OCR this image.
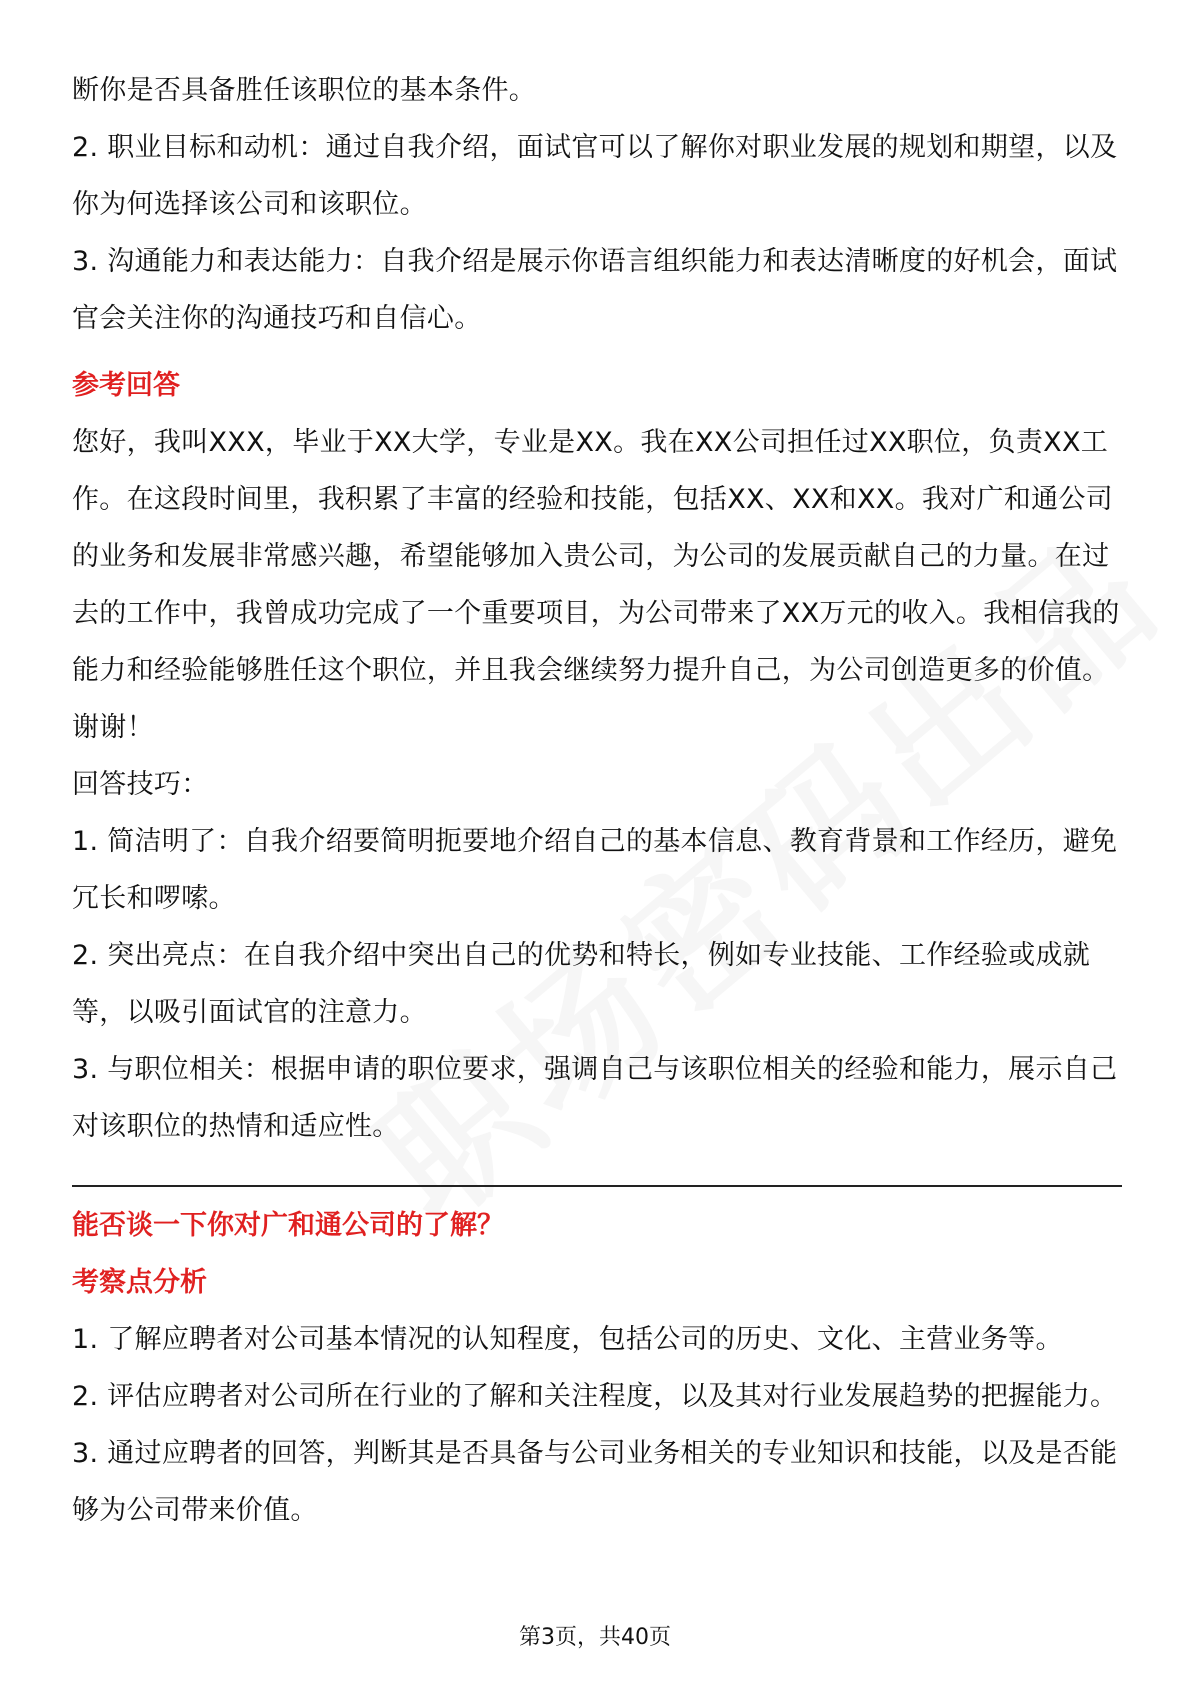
断你是否具备胜任该职位的基本条件。

2. 职业目标和动机：通过自我介绍，面试官可以了解你对职业发展的规划和期望，以及你为何选择该公司和该职位。

3. 沟通能力和表达能力：自我介绍是展示你语言组织能力和表达清晰度的好机会，面试官会关注你的沟通技巧和自信心。

参考回答

您好，我叫XXX，毕业于XX大学，专业是XX。我在XX公司担任过XX职位，负责XX工作。在这段时间里，我积累了丰富的经验和技能，包括XX、XX和XX。我对广和通公司的业务和发展非常感兴趣，希望能够加入贵公司，为公司的发展贡献自己的力量。在过去的工作中，我曾成功完成了一个重要项目，为公司带来了XX万元的收入。我相信我的能力和经验能够胜任这个职位，并且我会继续努力提升自己，为公司创造更多的价值。谢谢！

回答技巧：

1. 简洁明了：自我介绍要简明扼要地介绍自己的基本信息、教育背景和工作经历，避免冗长和啰嗦。

2. 突出亮点：在自我介绍中突出自己的优势和特长，例如专业技能、工作经验或成就等，以吸引面试官的注意力。

3. 与职位相关：根据申请的职位要求，强调自己与该职位相关的经验和能力，展示自己对该职位的热情和适应性。

能否谈一下你对广和通公司的了解？

考察点分析

1. 了解应聘者对公司基本情况的认知程度，包括公司的历史、文化、主营业务等。

2. 评估应聘者对公司所在行业的了解和关注程度，以及其对行业发展趋势的把握能力。

3. 通过应聘者的回答，判断其是否具备与公司业务相关的专业知识和技能，以及是否能够为公司带来价值。

第3页，共40页
